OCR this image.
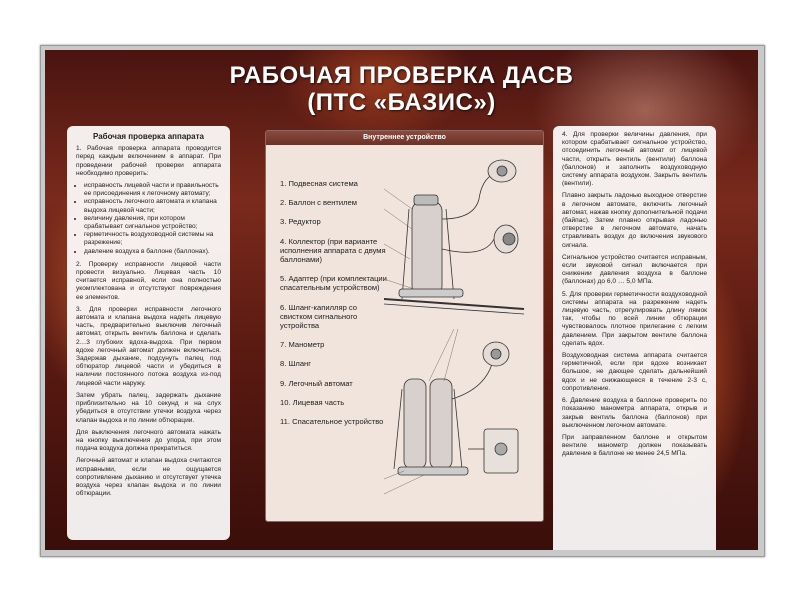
РАБОЧАЯ ПРОВЕРКА ДАСВ
(ПТС «БАЗИС»)
Рабочая проверка аппарата

1. Рабочая проверка аппарата проводится перед каждым включением в аппарат. При проведении рабочей проверки аппарата необходимо проверить:

• исправность лицевой части и правильность ее присоединения к легочному автомату;
• исправность легочного автомата и клапана выдоха лицевой части;
• величину давления, при котором срабатывает сигнальное устройство;
• герметичность воздуховодной системы на разрежение;
• давление воздуха в баллоне (баллонах).

2. Проверку исправности лицевой части провести визуально. Лицевая часть 10 считается исправной, если она полностью укомплектована и отсутствуют повреждения ее элементов.

3. Для проверки исправности легочного автомата и клапана выдоха надеть лицевую часть, предварительно выключив легочный автомат, открыть вентиль баллона и сделать 2…3 глубоких вдоха-выдоха. При первом вдохе легочный автомат должен включиться. Задержав дыхание, подсунуть палец под обтюратор лицевой части и убедиться в наличии постоянного потока воздуха из-под лицевой части наружу.

Затем убрать палец, задержать дыхание приблизительно на 10 секунд и на слух убедиться в отсутствии утечки воздуха через клапан выдоха и по линии обтюрации.

Для выключения легочного автомата нажать на кнопку выключения до упора, при этом подача воздуха должна прекратиться.

Легочный автомат и клапан выдоха считаются исправными, если не ощущается сопротивление дыханию и отсутствует утечка воздуха через клапан выдоха и по линии обтюрации.

Внутреннее устройство
1. Подвесная система
2. Баллон с вентилем
3. Редуктор
4. Коллектор (при варианте исполнения аппарата с двумя баллонами)
5. Адаптер (при комплектации спасательным устройством)
6. Шланг-капилляр со свистком сигнального устройства
7. Манометр
8. Шланг
9. Легочный автомат
10. Лицевая часть
11. Спасательное устройство

4. Для проверки величины давления, при котором срабатывает сигнальное устройство, отсоединить легочный автомат от лицевой части, открыть вентиль (вентили) баллона (баллонов) и заполнить воздуховодную систему аппарата воздухом. Закрыть вентиль (вентили).

Плавно закрыть ладонью выходное отверстие в легочном автомате, включить легочный автомат, нажав кнопку дополнительной подачи (байпас). Затем плавно открывая ладонью отверстие в легочном автомате, начать стравливать воздух до включения звукового сигнала.

Сигнальное устройство считается исправным, если звуковой сигнал включается при снижении давления воздуха в баллоне (баллонах) до 6,0 … 5,0 МПа.

5. Для проверки герметичности воздуховодной системы аппарата на разрежение надеть лицевую часть, отрегулировать длину лямок так, чтобы по всей линии обтюрации чувствовалось плотное прилегание с легким давлением. При закрытом вентиле баллона сделать вдох.

Воздуховодная система аппарата считается герметичной, если при вдохе возникает большое, не дающее сделать дальнейший вдох и не снижающееся в течение 2-3 с, сопротивление.

6. Давление воздуха в баллоне проверить по показанию манометра аппарата, открыв и закрыв вентиль баллона (баллонов) при выключенном легочном автомате.

При заправленном баллоне и открытом вентиле манометр должен показывать давление в баллоне не менее 24,5 МПа.
